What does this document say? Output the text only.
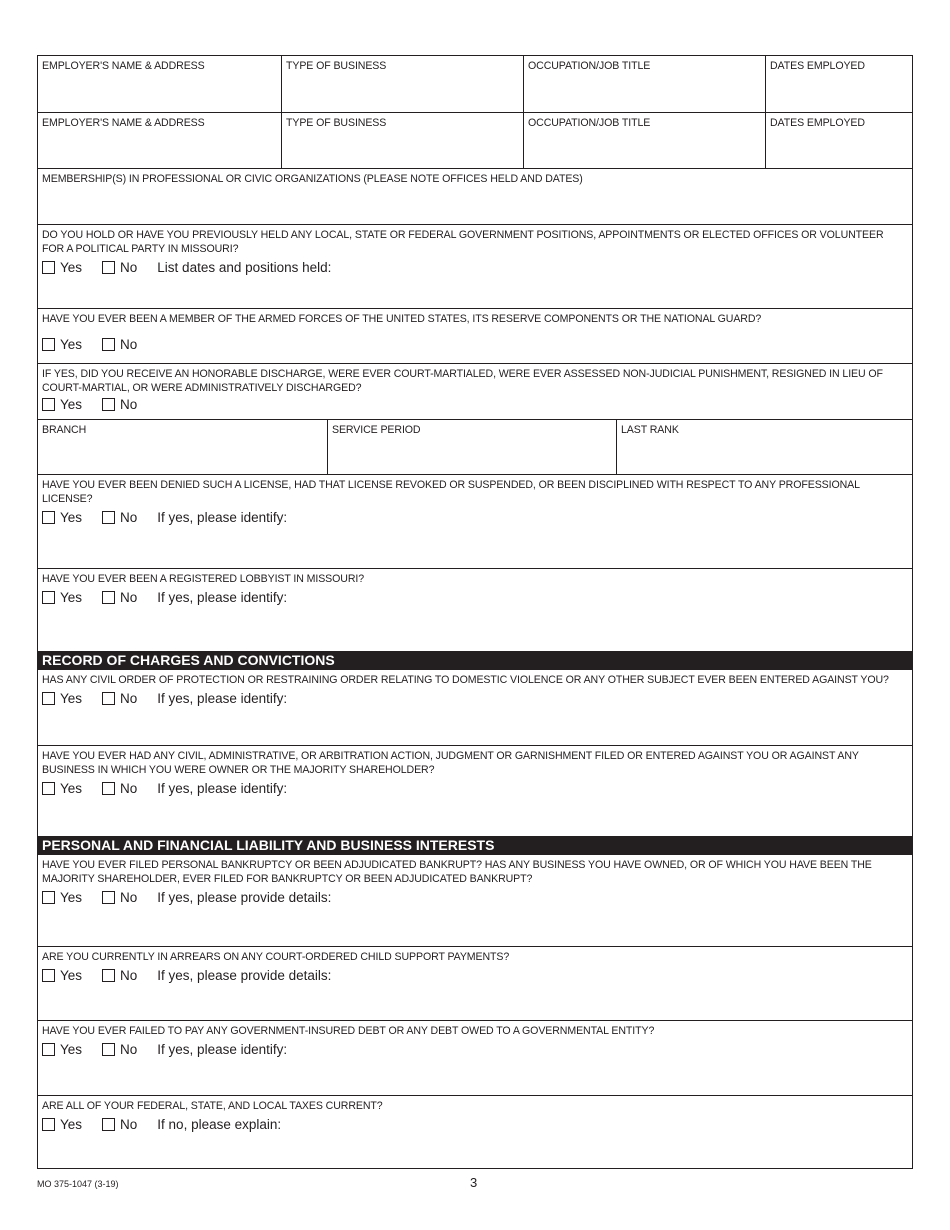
EMPLOYER'S NAME & ADDRESS	TYPE OF BUSINESS	OCCUPATION/JOB TITLE	DATES EMPLOYED
EMPLOYER'S NAME & ADDRESS	TYPE OF BUSINESS	OCCUPATION/JOB TITLE	DATES EMPLOYED
MEMBERSHIP(S) IN PROFESSIONAL OR CIVIC ORGANIZATIONS (PLEASE NOTE OFFICES HELD AND DATES)
DO YOU HOLD OR HAVE YOU PREVIOUSLY HELD ANY LOCAL, STATE OR FEDERAL GOVERNMENT POSITIONS, APPOINTMENTS OR ELECTED OFFICES OR VOLUNTEER FOR A POLITICAL PARTY IN MISSOURI?
Yes	No List dates and positions held:
HAVE YOU EVER BEEN A MEMBER OF THE ARMED FORCES OF THE UNITED STATES, ITS RESERVE COMPONENTS OR THE NATIONAL GUARD?
Yes	No
IF YES, DID YOU RECEIVE AN HONORABLE DISCHARGE, WERE EVER COURT-MARTIALED, WERE EVER ASSESSED NON-JUDICIAL PUNISHMENT, RESIGNED IN LIEU OF COURT-MARTIAL, OR WERE ADMINISTRATIVELY DISCHARGED?
Yes	No
BRANCH	SERVICE PERIOD	LAST RANK
HAVE YOU EVER BEEN DENIED SUCH A LICENSE, HAD THAT LICENSE REVOKED OR SUSPENDED, OR BEEN DISCIPLINED WITH RESPECT TO ANY PROFESSIONAL LICENSE?
Yes	No If yes, please identify:
HAVE YOU EVER BEEN A REGISTERED LOBBYIST IN MISSOURI?
Yes	No If yes, please identify:
RECORD OF CHARGES AND CONVICTIONS
HAS ANY CIVIL ORDER OF PROTECTION OR RESTRAINING ORDER RELATING TO DOMESTIC VIOLENCE OR ANY OTHER SUBJECT EVER BEEN ENTERED AGAINST YOU?
Yes	No If yes, please identify:
HAVE YOU EVER HAD ANY CIVIL, ADMINISTRATIVE, OR ARBITRATION ACTION, JUDGMENT OR GARNISHMENT FILED OR ENTERED AGAINST YOU OR AGAINST ANY BUSINESS IN WHICH YOU WERE OWNER OR THE MAJORITY SHAREHOLDER?
Yes	No If yes, please identify:
PERSONAL AND FINANCIAL LIABILITY AND BUSINESS INTERESTS
HAVE YOU EVER FILED PERSONAL BANKRUPTCY OR BEEN ADJUDICATED BANKRUPT? HAS ANY BUSINESS YOU HAVE OWNED, OR OF WHICH YOU HAVE BEEN THE MAJORITY SHAREHOLDER, EVER FILED FOR BANKRUPTCY OR BEEN ADJUDICATED BANKRUPT?
Yes	No If yes, please provide details:
ARE YOU CURRENTLY IN ARREARS ON ANY COURT-ORDERED CHILD SUPPORT PAYMENTS?
Yes	No If yes, please provide details:
HAVE YOU EVER FAILED TO PAY ANY GOVERNMENT-INSURED DEBT OR ANY DEBT OWED TO A GOVERNMENTAL ENTITY?
Yes	No If yes, please identify:
ARE ALL OF YOUR FEDERAL, STATE, AND LOCAL TAXES CURRENT?
Yes	No If no, please explain:
MO 375-1047 (3-19)	3
